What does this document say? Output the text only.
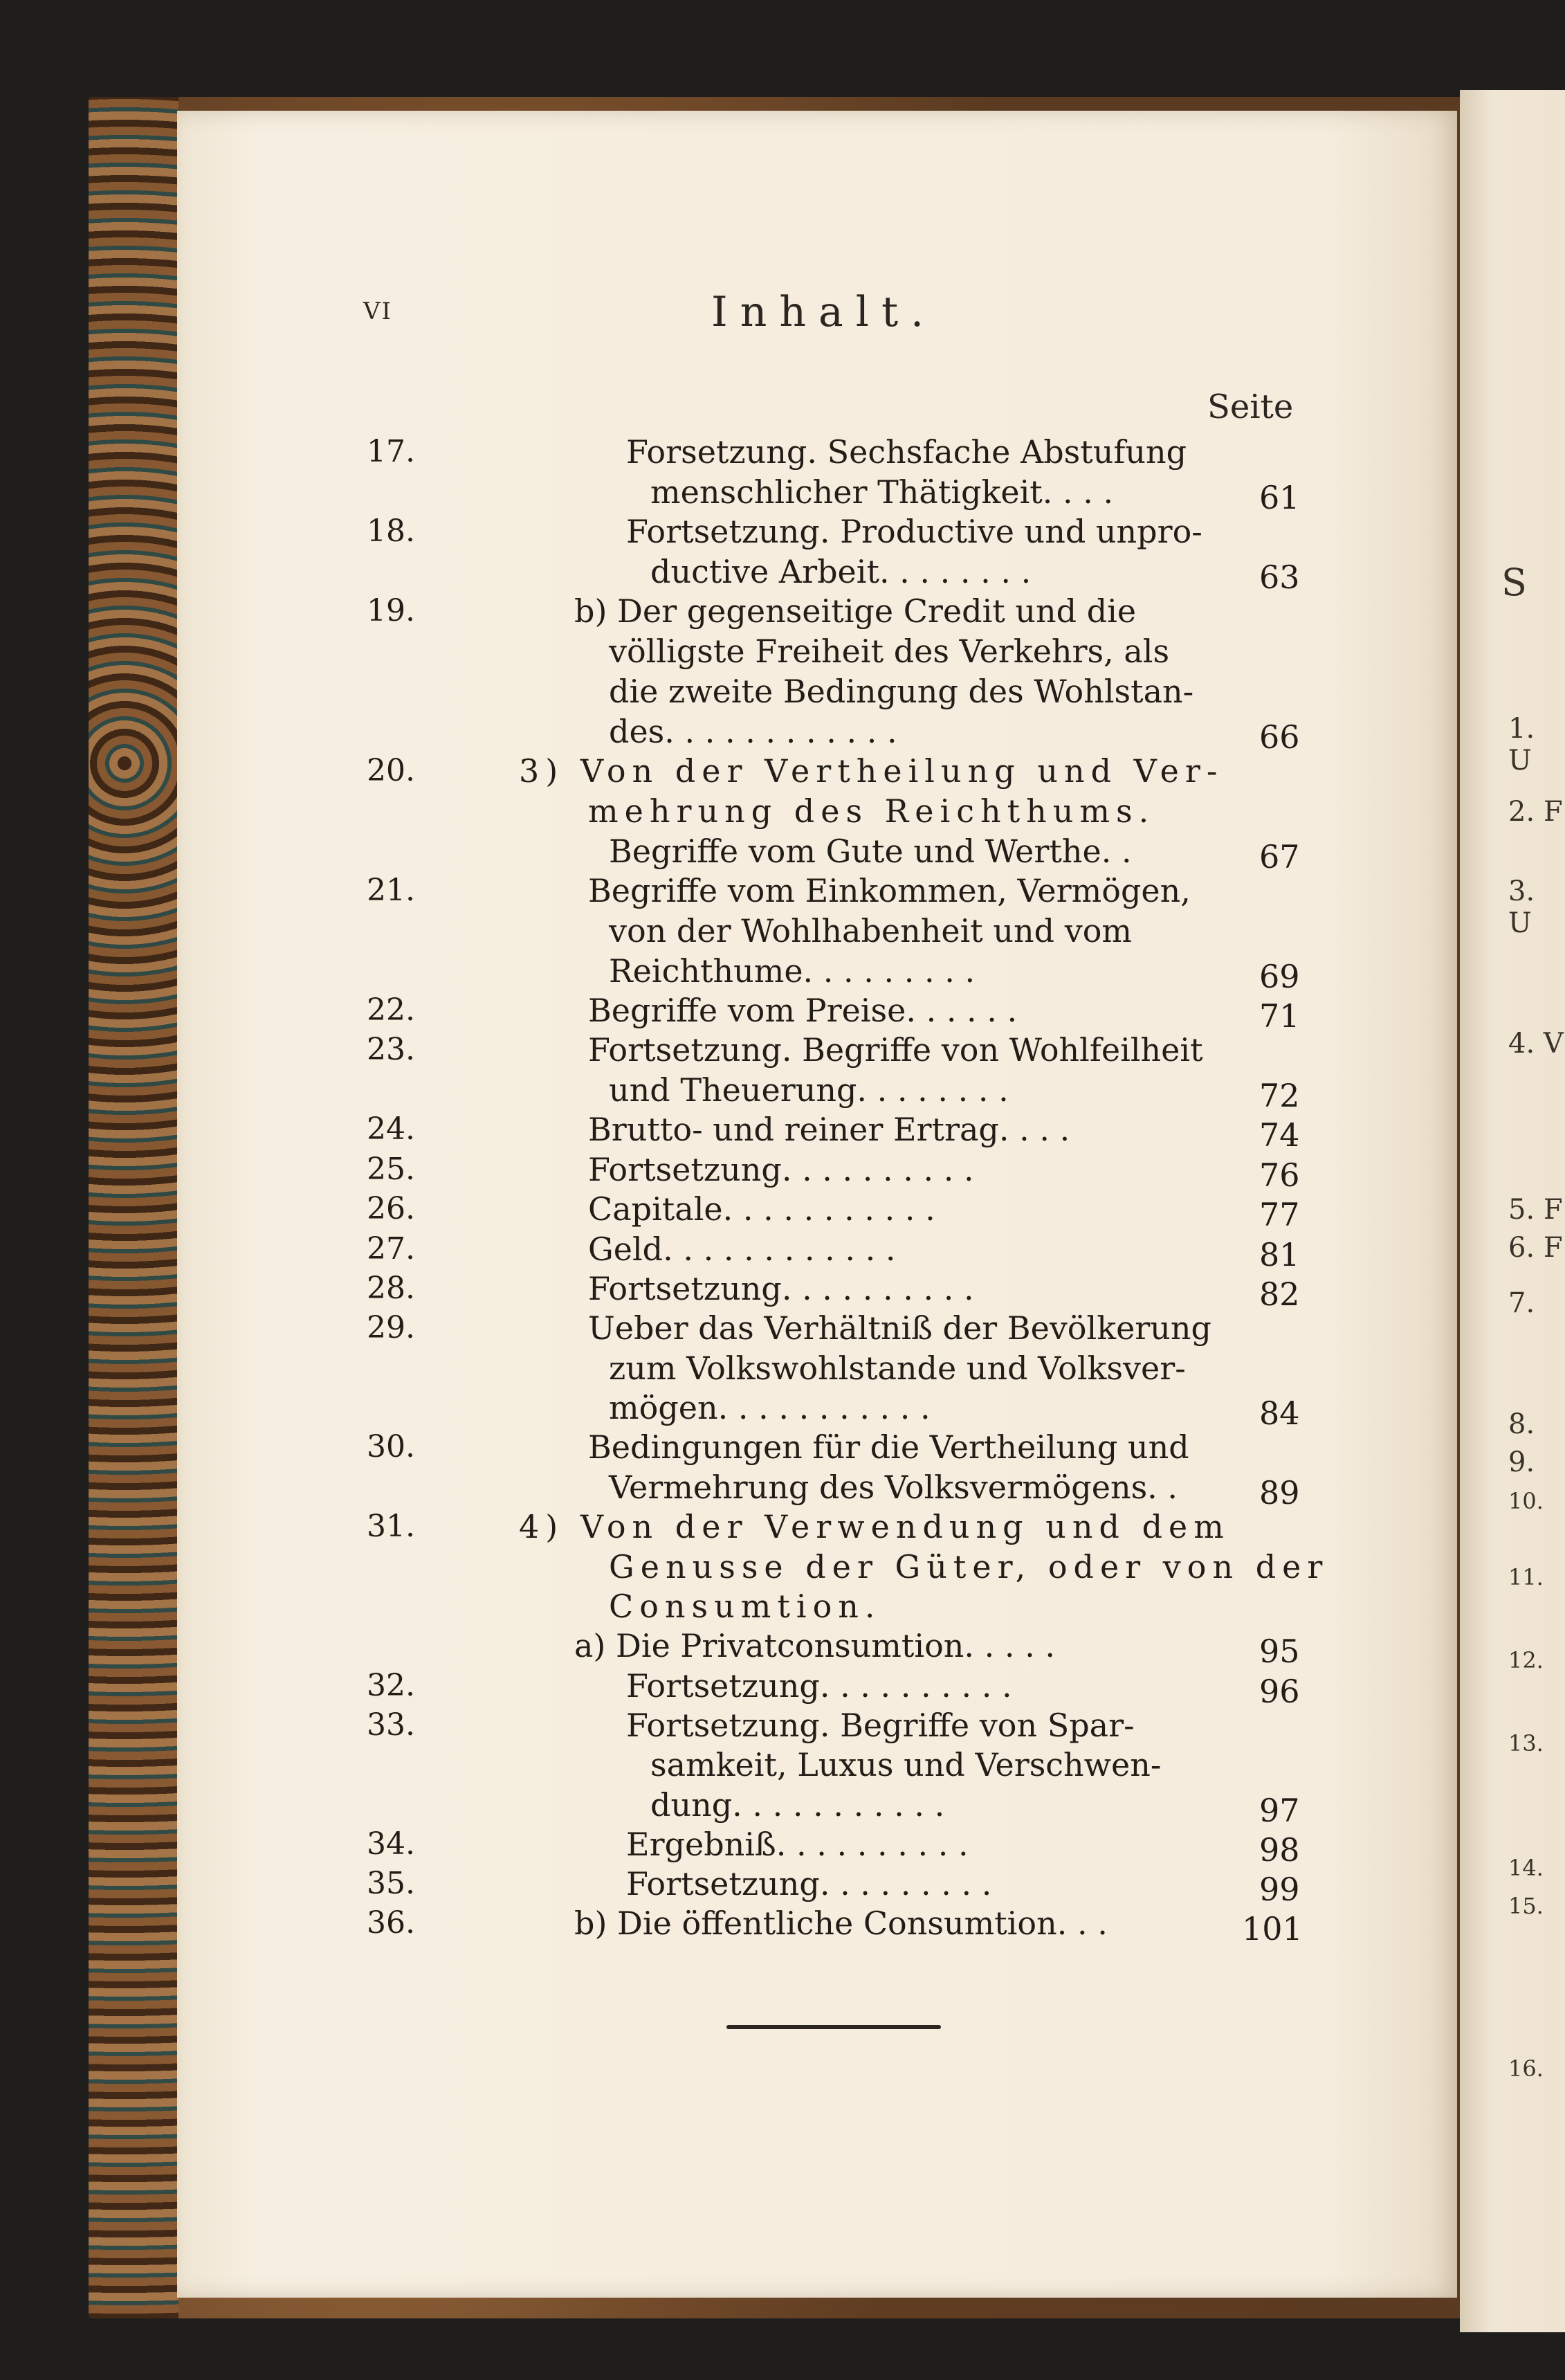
S
1. U
2. F
3. U
4. V
5. F
6. F
7.
8.
9.
10.
11.
12.
13.
14.
15.
16.
VI	Inhalt.
Seite
17.	Forsetzung. Sechsfache Abstufung
menschlicher Thätigkeit. . . .	61
18.	Fortsetzung. Productive und unpro-
ductive Arbeit. . . . . . . .	63
19.	b) Der gegenseitige Credit und die
völligste Freiheit des Verkehrs, als
die zweite Bedingung des Wohlstan-
des. . . . . . . . . . . .	66
20.	3) Von der Vertheilung und Ver-
mehrung des Reichthums.
Begriffe vom Gute und Werthe. .	67
21.	Begriffe vom Einkommen, Vermögen,
von der Wohlhabenheit und vom
Reichthume. . . . . . . . .	69
22.	Begriffe vom Preise. . . . . .	71
23.	Fortsetzung. Begriffe von Wohlfeilheit
und Theuerung. . . . . . . .	72
24.	Brutto- und reiner Ertrag. . . .	74
25.	Fortsetzung. . . . . . . . . .	76
26.	Capitale. . . . . . . . . . .	77
27.	Geld. . . . . . . . . . . .	81
28.	Fortsetzung. . . . . . . . . .	82
29.	Ueber das Verhältniß der Bevölkerung
zum Volkswohlstande und Volksver-
mögen. . . . . . . . . . .	84
30.	Bedingungen für die Vertheilung und
Vermehrung des Volksvermögens. .	89
31.	4) Von der Verwendung und dem
Genusse der Güter, oder von der
Consumtion.
a) Die Privatconsumtion. . . . .	95
32.	Fortsetzung. . . . . . . . . .	96
33.	Fortsetzung. Begriffe von Spar-
samkeit, Luxus und Verschwen-
dung. . . . . . . . . . .	97
34.	Ergebniß. . . . . . . . . .	98
35.	Fortsetzung. . . . . . . . .	99
36.	b) Die öffentliche Consumtion. . .	101
